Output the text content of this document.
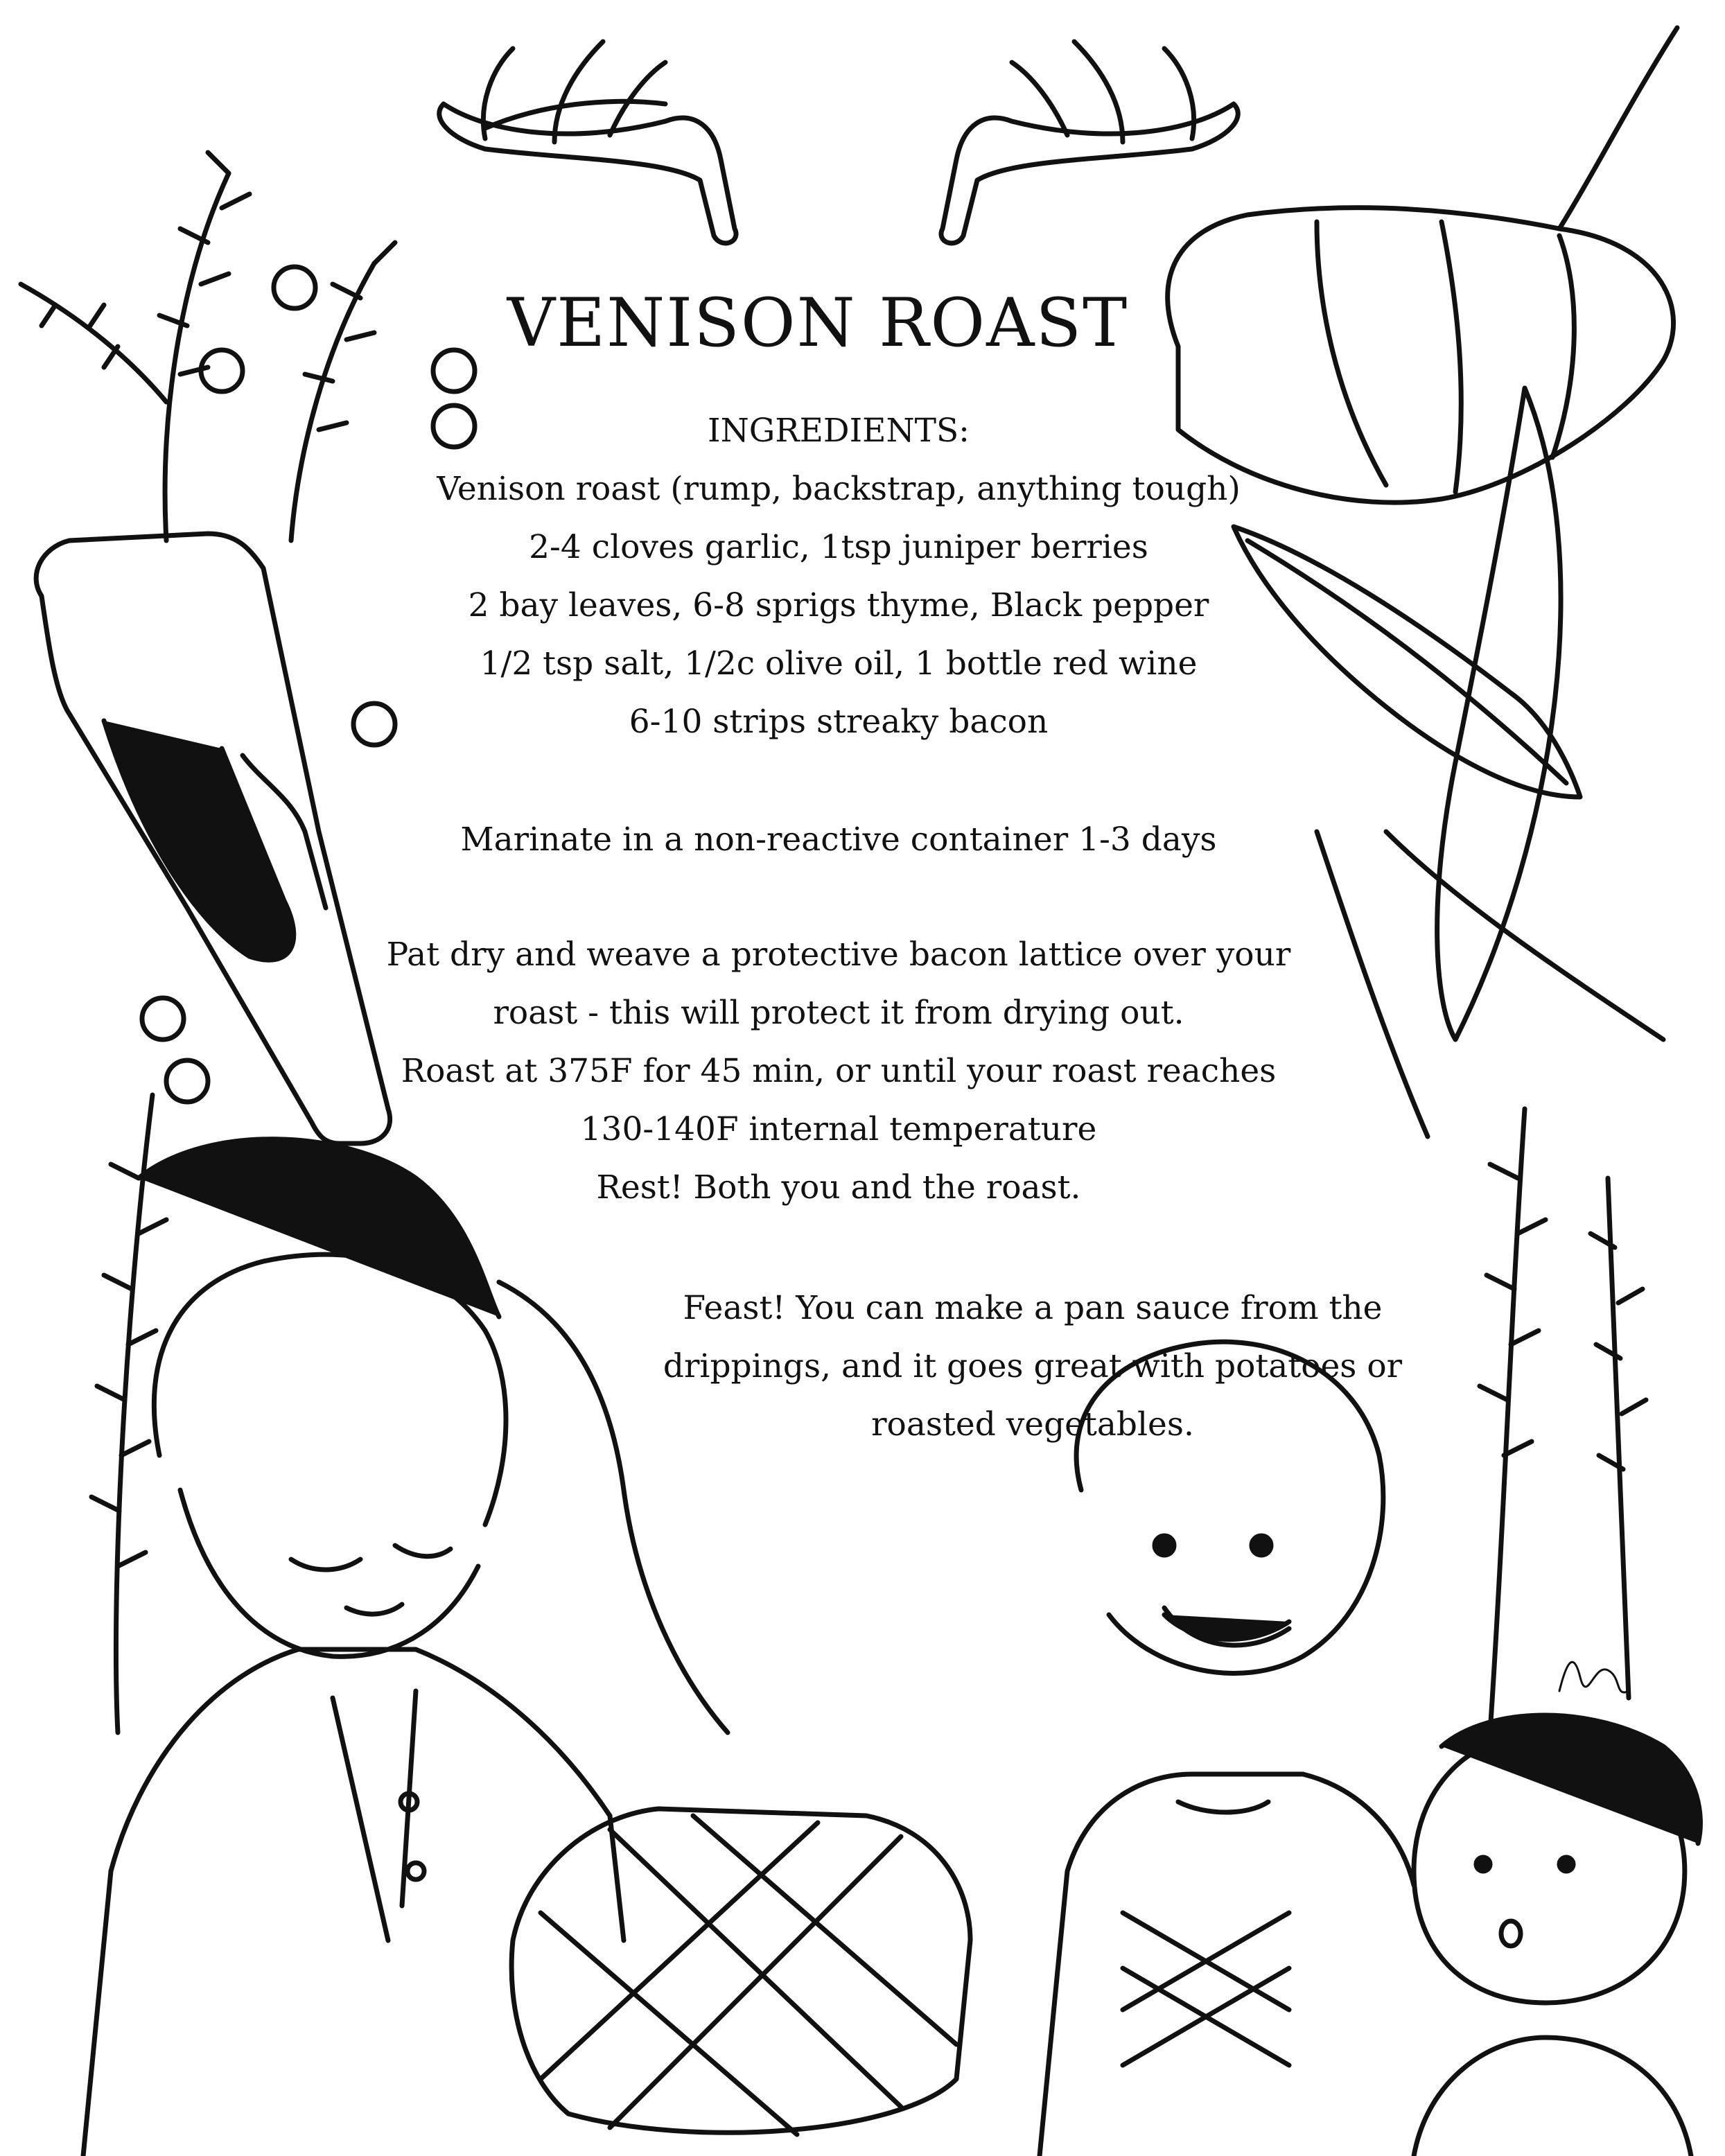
VENISON ROAST
INGREDIENTS:
Venison roast (rump, backstrap, anything tough)
2-4 cloves garlic, 1tsp juniper berries
2 bay leaves, 6-8 sprigs thyme, Black pepper
1/2 tsp salt, 1/2c olive oil, 1 bottle red wine
6-10 strips streaky bacon
Marinate in a non-reactive container 1-3 days
Pat dry and weave a protective bacon lattice over your
roast - this will protect it from drying out.
Roast at 375F for 45 min, or until your roast reaches
130-140F internal temperature
Rest! Both you and the roast.
Feast! You can make a pan sauce from the
drippings, and it goes great with potatoes or
roasted vegetables.
